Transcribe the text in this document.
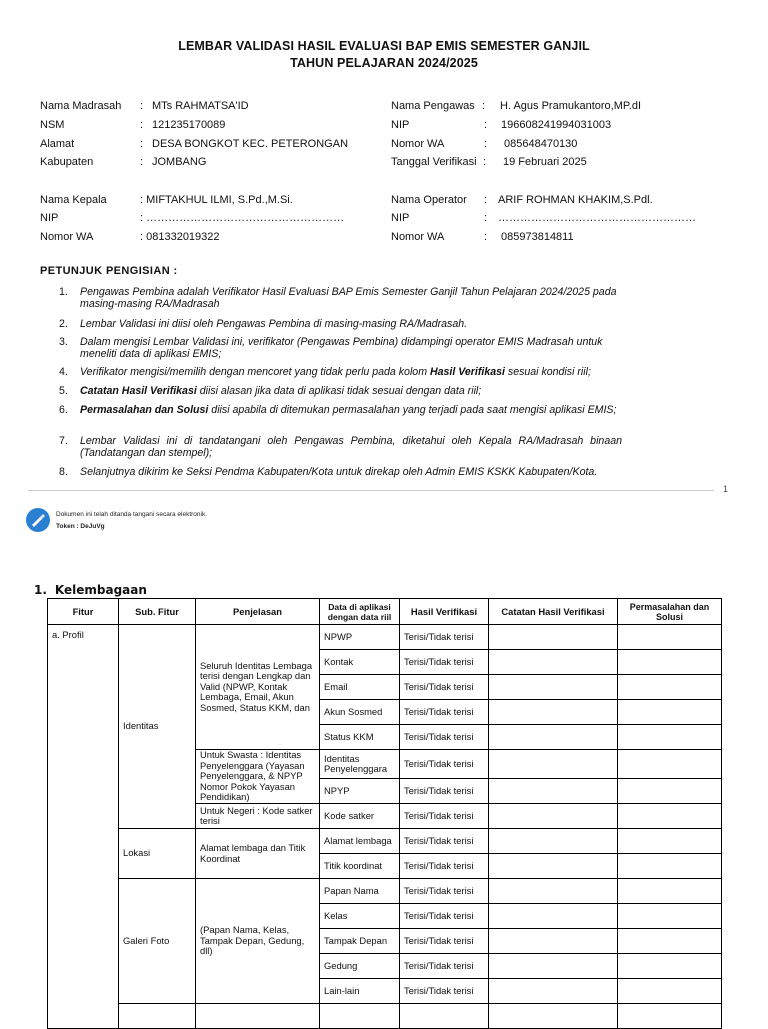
LEMBAR VALIDASI HASIL EVALUASI BAP EMIS SEMESTER GANJIL
TAHUN PELAJARAN 2024/2025
Nama Madrasah : MTs RAHMATSA'ID
NSM	: 121235170089
Alamat	: DESA BONGKOT KEC. PETERONGAN
Kabupaten	: JOMBANG
Nama Pengawas : H. Agus Pramukantoro,MP.dI
NIP	: 196608241994031003
Nomor WA	: 085648470130
Tanggal Verifikasi : 19 Februari 2025
Nama Kepala	: MIFTAKHUL ILMI, S.Pd.,M.Si.
NIP	: ………………………………………………
Nomor WA	: 081332019322
Nama Operator : ARIF ROHMAN KHAKIM,S.Pdl.
NIP	: ………………………………………………
Nomor WA	: 085973814811
PETUNJUK PENGISIAN :
1. Pengawas Pembina adalah Verifikator Hasil Evaluasi BAP Emis Semester Ganjil Tahun Pelajaran 2024/2025 pada masing-masing RA/Madrasah
2. Lembar Validasi ini diisi oleh Pengawas Pembina di masing-masing RA/Madrasah.
3. Dalam mengisi Lembar Validasi ini, verifikator (Pengawas Pembina) didampingi operator EMIS Madrasah untuk meneliti data di aplikasi EMIS;
4. Verifikator mengisi/memilih dengan mencoret yang tidak perlu pada kolom Hasil Verifikasi sesuai kondisi riil;
5. Catatan Hasil Verifikasi diisi alasan jika data di aplikasi tidak sesuai dengan data riil;
6. Permasalahan dan Solusi diisi apabila di ditemukan permasalahan yang terjadi pada saat mengisi aplikasi EMIS;
7. Lembar Validasi ini di tandatangani oleh Pengawas Pembina, diketahui oleh Kepala RA/Madrasah binaan (Tandatangan dan stempel);
8. Selanjutnya dikirim ke Seksi Pendma Kabupaten/Kota untuk direkap oleh Admin EMIS KSKK Kabupaten/Kota.
1
Dokumen ini telah ditanda tangani secara elektronik.
Token : DeJuVg
1. Kelembagaan
Fitur	Sub. Fitur	Penjelasan	Data di aplikasi dengan data riil	Hasil Verifikasi	Catatan Hasil Verifikasi	Permasalahan dan Solusi
a. Profil	Identitas	Seluruh Identitas Lembaga terisi dengan Lengkap dan Valid (NPWP, Kontak Lembaga, Email, Akun Sosmed, Status KKM, dan	NPWP	Terisi/Tidak terisi		
			Kontak	Terisi/Tidak terisi		
			Email	Terisi/Tidak terisi		
			Akun Sosmed	Terisi/Tidak terisi		
			Status KKM	Terisi/Tidak terisi		
		Untuk Swasta : Identitas Penyelenggara (Yayasan Penyelenggara, & NPYP Nomor Pokok Yayasan Pendidikan)	Identitas Penyelenggara	Terisi/Tidak terisi		
			NPYP	Terisi/Tidak terisi		
		Untuk Negeri : Kode satker terisi	Kode satker	Terisi/Tidak terisi		
	Lokasi	Alamat lembaga dan Titik Koordinat	Alamat lembaga	Terisi/Tidak terisi		
			Titik koordinat	Terisi/Tidak terisi		
	Galeri Foto	(Papan Nama, Kelas, Tampak Depan, Gedung, dll)	Papan Nama	Terisi/Tidak terisi		
			Kelas	Terisi/Tidak terisi		
			Tampak Depan	Terisi/Tidak terisi		
			Gedung	Terisi/Tidak terisi		
			Lain-lain	Terisi/Tidak terisi		
